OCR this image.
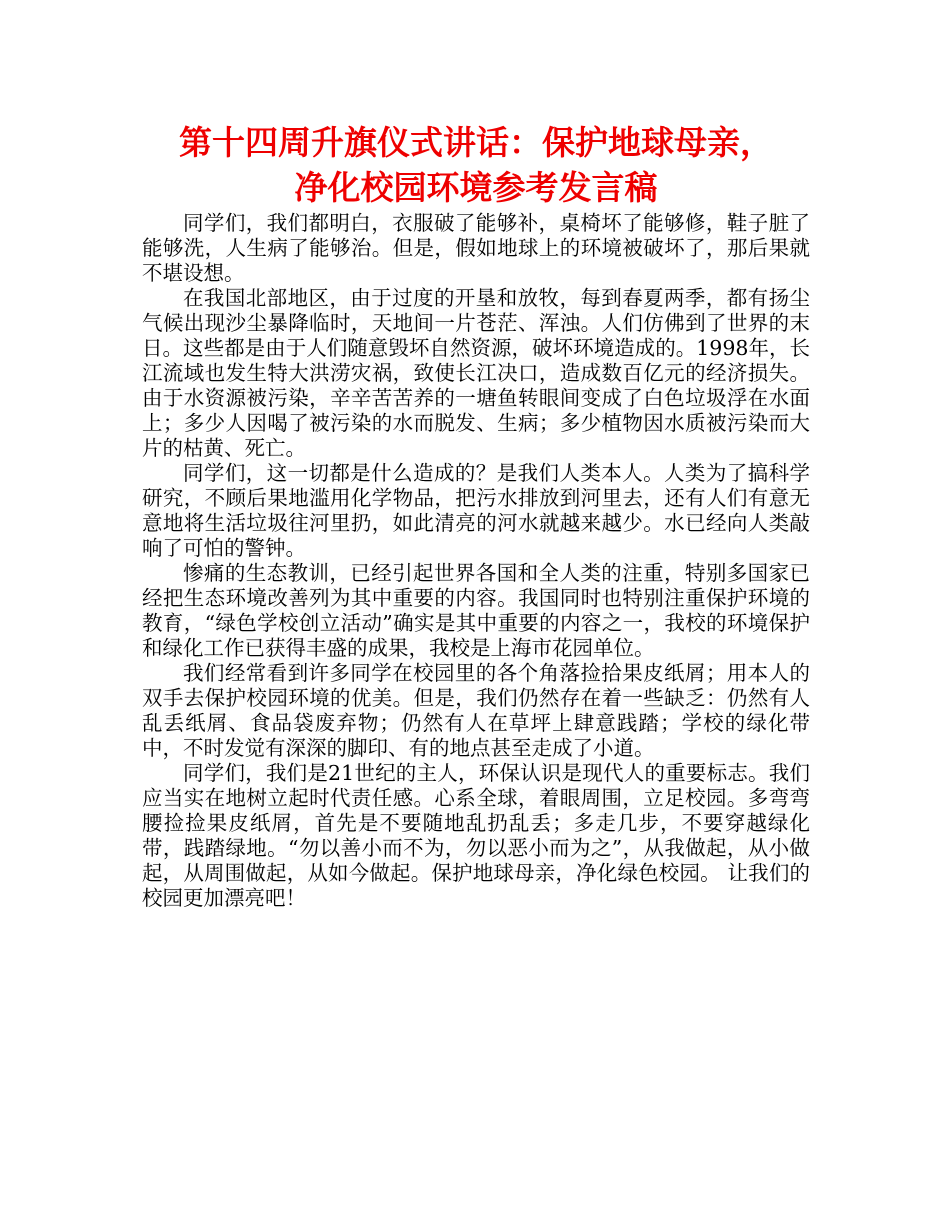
第十四周升旗仪式讲话：保护地球母亲，
净化校园环境参考发言稿

同学们，我们都明白，衣服破了能够补，桌椅坏了能够修，鞋子脏了能够洗，人生病了能够治。但是，假如地球上的环境被破坏了，那后果就不堪设想。

在我国北部地区，由于过度的开垦和放牧，每到春夏两季，都有扬尘气候出现沙尘暴降临时，天地间一片苍茫、浑浊。人们仿佛到了世界的末日。这些都是由于人们随意毁坏自然资源，破坏环境造成的。1998年，长江流域也发生特大洪涝灾祸，致使长江决口，造成数百亿元的经济损失。由于水资源被污染，辛辛苦苦养的一塘鱼转眼间变成了白色垃圾浮在水面上；多少人因喝了被污染的水而脱发、生病；多少植物因水质被污染而大片的枯黄、死亡。

同学们，这一切都是什么造成的？是我们人类本人。人类为了搞科学研究，不顾后果地滥用化学物品，把污水排放到河里去，还有人们有意无意地将生活垃圾往河里扔，如此清亮的河水就越来越少。水已经向人类敲响了可怕的警钟。

惨痛的生态教训，已经引起世界各国和全人类的注重，特别多国家已经把生态环境改善列为其中重要的内容。我国同时也特别注重保护环境的教育，“绿色学校创立活动”确实是其中重要的内容之一，我校的环境保护和绿化工作已获得丰盛的成果，我校是上海市花园单位。

我们经常看到许多同学在校园里的各个角落捡拾果皮纸屑；用本人的双手去保护校园环境的优美。但是，我们仍然存在着一些缺乏：仍然有人乱丢纸屑、食品袋废弃物；仍然有人在草坪上肆意践踏；学校的绿化带中，不时发觉有深深的脚印、有的地点甚至走成了小道。

同学们，我们是21世纪的主人，环保认识是现代人的重要标志。我们应当实在地树立起时代责任感。心系全球，着眼周围，立足校园。多弯弯腰捡捡果皮纸屑，首先是不要随地乱扔乱丢；多走几步，不要穿越绿化带，践踏绿地。“勿以善小而不为，勿以恶小而为之”，从我做起，从小做起，从周围做起，从如今做起。保护地球母亲，净化绿色校园。 让我们的校园更加漂亮吧！
